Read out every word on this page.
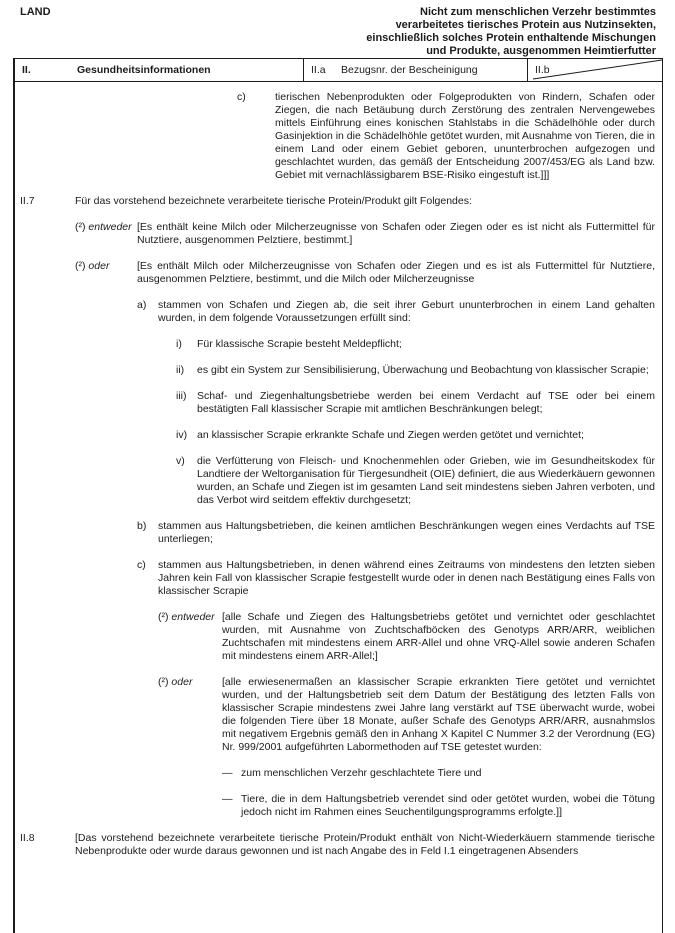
LAND	Nicht zum menschlichen Verzehr bestimmtes
verarbeitetes tierisches Protein aus Nutzinsekten,
einschließlich solches Protein enthaltende Mischungen
und Produkte, ausgenommen Heimtierfutter
II.	Gesundheitsinformationen	II.a	Bezugsnr. der Bescheinigung	II.b
c)	tierischen Nebenprodukten oder Folgeprodukten von Rindern, Schafen oder Ziegen, die nach Betäubung durch Zerstörung des zentralen Nervengewebes mittels Einführung eines konischen Stahlstabs in die Schädelhöhle oder durch Gasinjektion in die Schädelhöhle getötet wurden, mit Ausnahme von Tieren, die in einem Land oder einem Gebiet geboren, ununterbrochen aufgezogen und geschlachtet wurden, das gemäß der Entscheidung 2007/453/EG als Land bzw. Gebiet mit vernachlässigbarem BSE-Risiko eingestuft ist.]]]
II.7	Für das vorstehend bezeichnete verarbeitete tierische Protein/Produkt gilt Folgendes:
(²) entweder [Es enthält keine Milch oder Milcherzeugnisse von Schafen oder Ziegen oder es ist nicht als Futtermittel für Nutztiere, ausgenommen Pelztiere, bestimmt.]
(²) oder	[Es enthält Milch oder Milcherzeugnisse von Schafen oder Ziegen und es ist als Futtermittel für Nutztiere, ausgenommen Pelztiere, bestimmt, und die Milch oder Milcherzeugnisse
a) stammen von Schafen und Ziegen ab, die seit ihrer Geburt ununterbrochen in einem Land gehalten wurden, in dem folgende Voraussetzungen erfüllt sind:
i) Für klassische Scrapie besteht Meldepflicht;
ii) es gibt ein System zur Sensibilisierung, Überwachung und Beobachtung von klassischer Scrapie;
iii) Schaf- und Ziegenhaltungsbetriebe werden bei einem Verdacht auf TSE oder bei einem bestätigten Fall klassischer Scrapie mit amtlichen Beschränkungen belegt;
iv) an klassischer Scrapie erkrankte Schafe und Ziegen werden getötet und vernichtet;
v) die Verfütterung von Fleisch- und Knochenmehlen oder Grieben, wie im Gesundheitskodex für Landtiere der Weltorganisation für Tiergesundheit (OIE) definiert, die aus Wiederkäuern gewonnen wurden, an Schafe und Ziegen ist im gesamten Land seit mindestens sieben Jahren verboten, und das Verbot wird seitdem effektiv durchgesetzt;
b) stammen aus Haltungsbetrieben, die keinen amtlichen Beschränkungen wegen eines Verdachts auf TSE unterliegen;
c) stammen aus Haltungsbetrieben, in denen während eines Zeitraums von mindestens den letzten sieben Jahren kein Fall von klassischer Scrapie festgestellt wurde oder in denen nach Bestätigung eines Falls von klassischer Scrapie
(²) entweder [alle Schafe und Ziegen des Haltungsbetriebs getötet und vernichtet oder geschlachtet wurden, mit Ausnahme von Zuchtschafböcken des Genotyps ARR/ARR, weiblichen Zuchtschafen mit mindestens einem ARR-Allel und ohne VRQ-Allel sowie anderen Schafen mit mindestens einem ARR-Allel;]
(²) oder	[alle erwiesenermaßen an klassischer Scrapie erkrankten Tiere getötet und vernichtet wurden, und der Haltungsbetrieb seit dem Datum der Bestätigung des letzten Falls von klassischer Scrapie mindestens zwei Jahre lang verstärkt auf TSE überwacht wurde, wobei die folgenden Tiere über 18 Monate, außer Schafe des Genotyps ARR/ARR, ausnahmslos mit negativem Ergebnis gemäß den in Anhang X Kapitel C Nummer 3.2 der Verordnung (EG) Nr. 999/2001 aufgeführten Labormethoden auf TSE getestet wurden:
— zum menschlichen Verzehr geschlachtete Tiere und
— Tiere, die in dem Haltungsbetrieb verendet sind oder getötet wurden, wobei die Tötung jedoch nicht im Rahmen eines Seuchentilgungsprogramms erfolgte.]]
II.8	[Das vorstehend bezeichnete verarbeitete tierische Protein/Produkt enthält von Nicht-Wiederkäuern stammende tierische Nebenprodukte oder wurde daraus gewonnen und ist nach Angabe des in Feld I.1 eingetragenen Absenders
